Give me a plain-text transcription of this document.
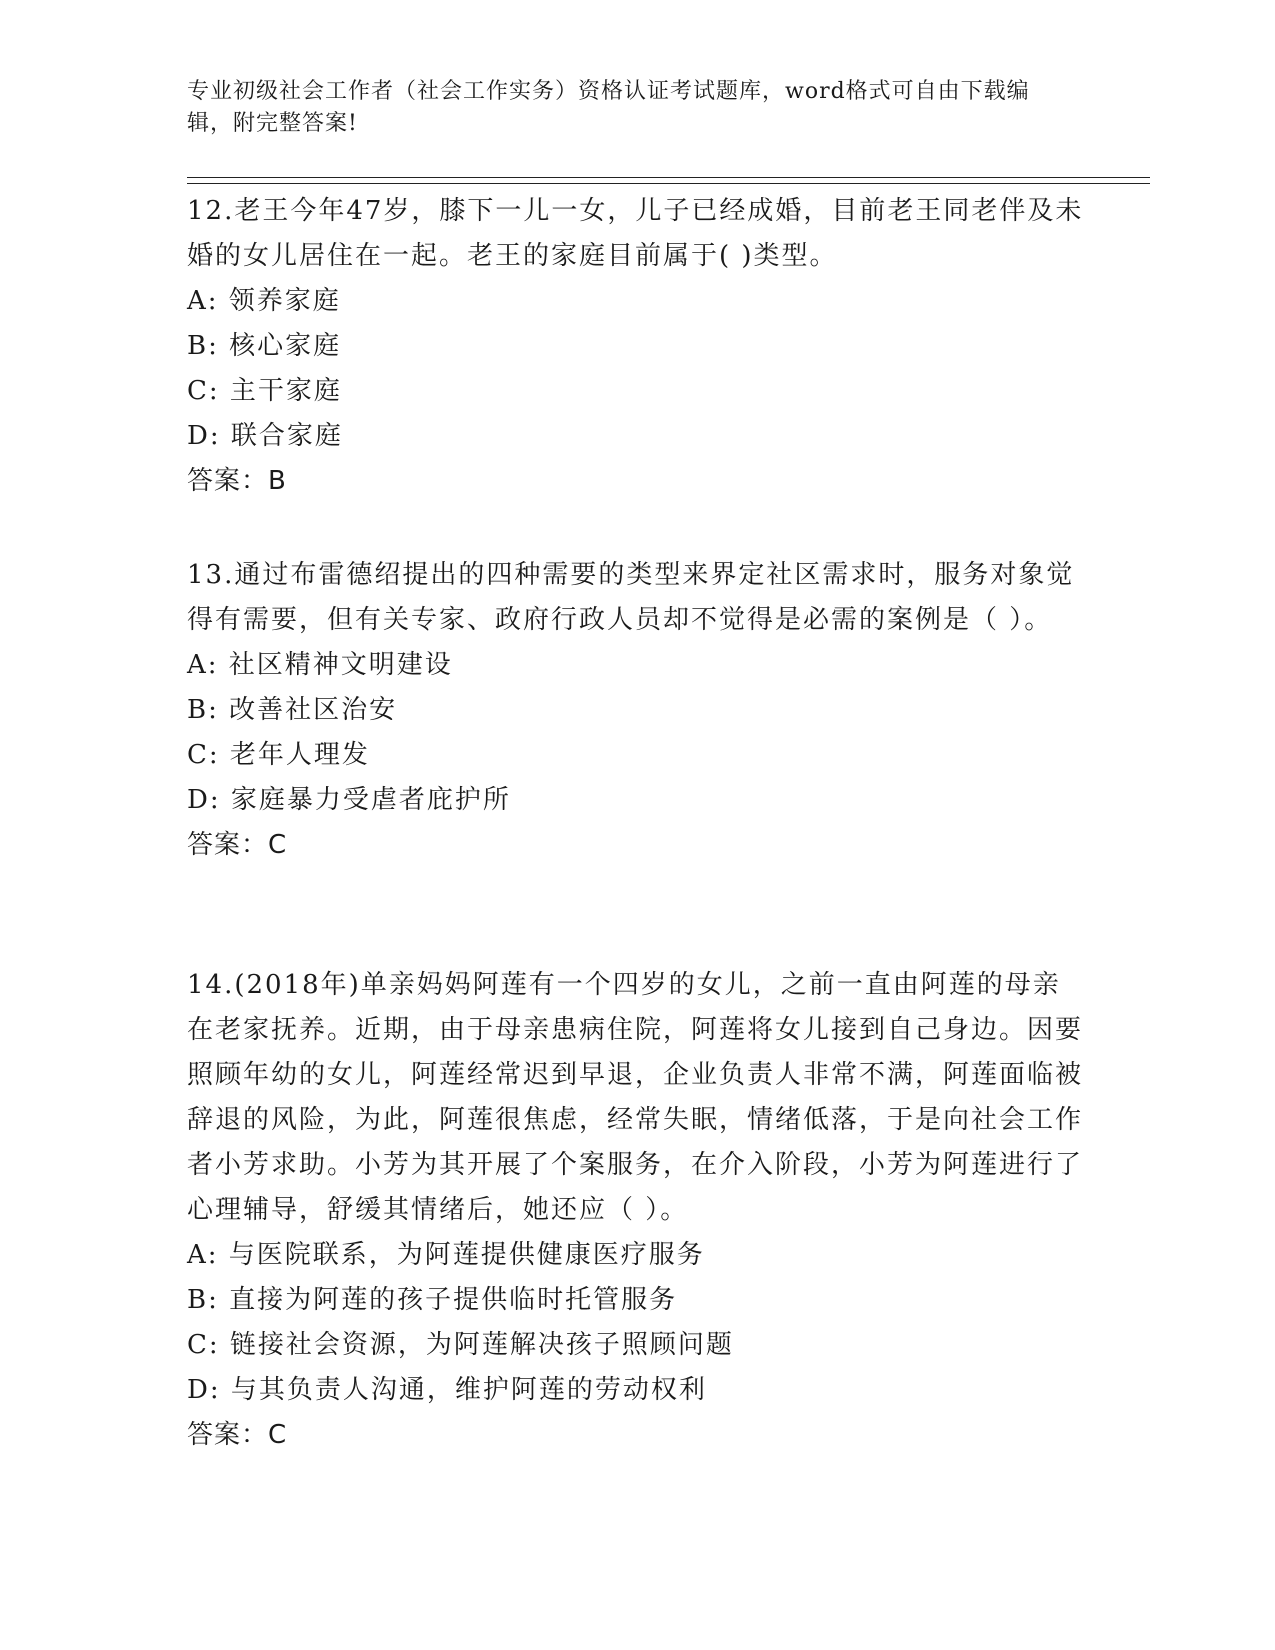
专业初级社会工作者（社会工作实务）资格认证考试题库，word格式可自由下载编辑，附完整答案!
12.老王今年47岁，膝下一儿一女，儿子已经成婚，目前老王同老伴及未婚的女儿居住在一起。老王的家庭目前属于( )类型。
A: 领养家庭
B: 核心家庭
C: 主干家庭
D: 联合家庭
答案：B
13.通过布雷德绍提出的四种需要的类型来界定社区需求时，服务对象觉得有需要，但有关专家、政府行政人员却不觉得是必需的案例是（ ）。
A: 社区精神文明建设
B: 改善社区治安
C: 老年人理发
D: 家庭暴力受虐者庇护所
答案：C
14.(2018年)单亲妈妈阿莲有一个四岁的女儿，之前一直由阿莲的母亲在老家抚养。近期，由于母亲患病住院，阿莲将女儿接到自己身边。因要照顾年幼的女儿，阿莲经常迟到早退，企业负责人非常不满，阿莲面临被辞退的风险，为此，阿莲很焦虑，经常失眠，情绪低落，于是向社会工作者小芳求助。小芳为其开展了个案服务，在介入阶段，小芳为阿莲进行了心理辅导，舒缓其情绪后，她还应（ ）。
A: 与医院联系，为阿莲提供健康医疗服务
B: 直接为阿莲的孩子提供临时托管服务
C: 链接社会资源，为阿莲解决孩子照顾问题
D: 与其负责人沟通，维护阿莲的劳动权利
答案：C
